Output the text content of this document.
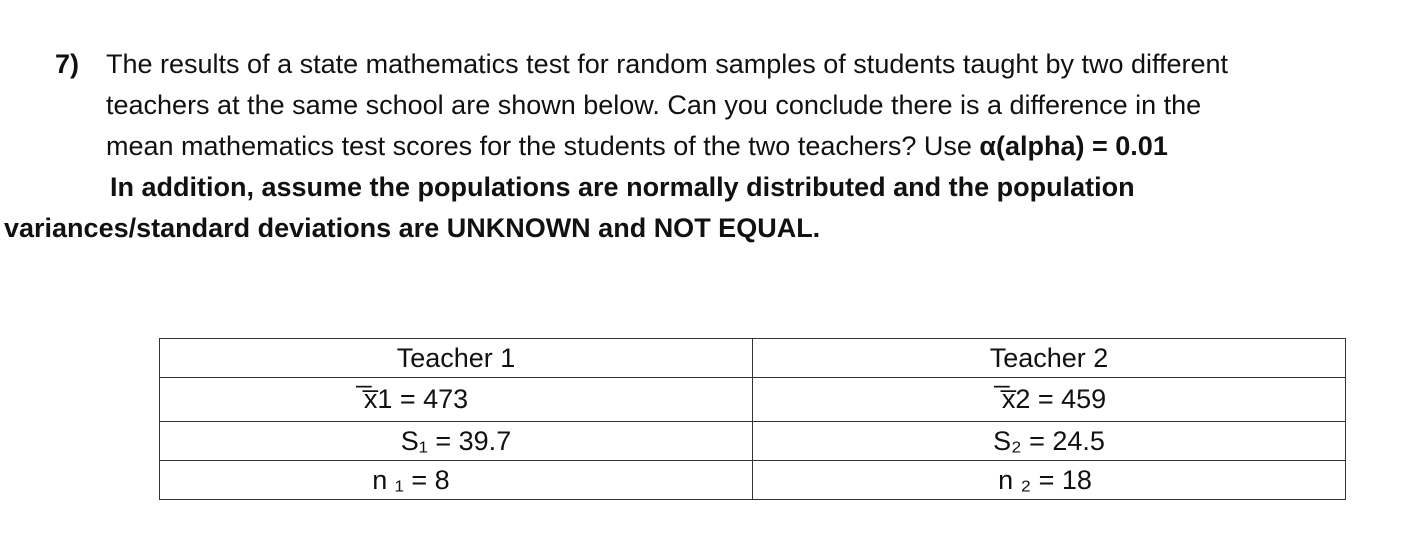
7) The results of a state mathematics test for random samples of students taught by two different
teachers at the same school are shown below. Can you conclude there is a difference in the
mean mathematics test scores for the students of the two teachers? Use α(alpha) = 0.01
In addition, assume the populations are normally distributed and the population
variances/standard deviations are UNKNOWN and NOT EQUAL.
Teacher 1	Teacher 2
̅x̅1 = 473	̅x̅2 = 459
S₁ = 39.7	S₂ = 24.5
n ₁ = 8	n ₂ = 18
